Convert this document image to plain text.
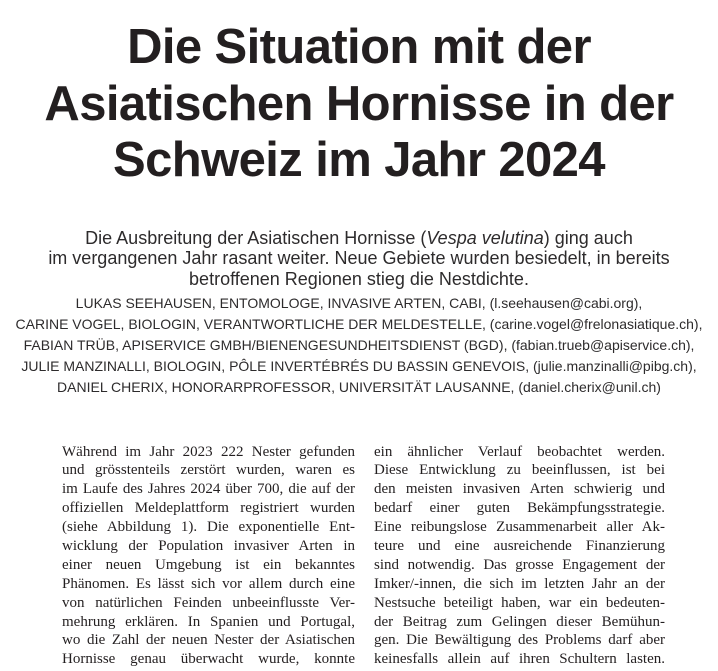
Die Situation mit der
Asiatischen Hornisse in der
Schweiz im Jahr 2024
Die Ausbreitung der Asiatischen Hornisse (Vespa velutina) ging auch
im vergangenen Jahr rasant weiter. Neue Gebiete wurden besiedelt, in bereits
betroffenen Regionen stieg die Nestdichte.
LUKAS SEEHAUSEN, ENTOMOLOGE, INVASIVE ARTEN, CABI, (l.seehausen@cabi.org),
CARINE VOGEL, BIOLOGIN, VERANTWORTLICHE DER MELDESTELLE, (carine.vogel@frelonasiatique.ch),
FABIAN TRÜB, APISERVICE GMBH/BIENENGESUNDHEITSDIENST (BGD), (fabian.trueb@apiservice.ch),
JULIE MANZINALLI, BIOLOGIN, PÔLE INVERTÉBRÉS DU BASSIN GENEVOIS, (julie.manzinalli@pibg.ch),
DANIEL CHERIX, HONORARPROFESSOR, UNIVERSITÄT LAUSANNE, (daniel.cherix@unil.ch)
Während im Jahr 2023 222 Nester gefunden
und grösstenteils zerstört wurden, waren es
im Laufe des Jahres 2024 über 700, die auf der
offiziellen Meldeplattform registriert wurden
(siehe Abbildung 1). Die exponentielle Ent-
wicklung der Population invasiver Arten in
einer neuen Umgebung ist ein bekanntes
Phänomen. Es lässt sich vor allem durch eine
von natürlichen Feinden unbeeinflusste Ver-
mehrung erklären. In Spanien und Portugal,
wo die Zahl der neuen Nester der Asiatischen
Hornisse genau überwacht wurde, konnte
ein ähnlicher Verlauf beobachtet werden.
Diese Entwicklung zu beeinflussen, ist bei
den meisten invasiven Arten schwierig und
bedarf einer guten Bekämpfungsstrategie.
Eine reibungslose Zusammenarbeit aller Ak-
teure und eine ausreichende Finanzierung
sind notwendig. Das grosse Engagement der
Imker/-innen, die sich im letzten Jahr an der
Nestsuche beteiligt haben, war ein bedeuten-
der Beitrag zum Gelingen dieser Bemühun-
gen. Die Bewältigung des Problems darf aber
keinesfalls allein auf ihren Schultern lasten.
